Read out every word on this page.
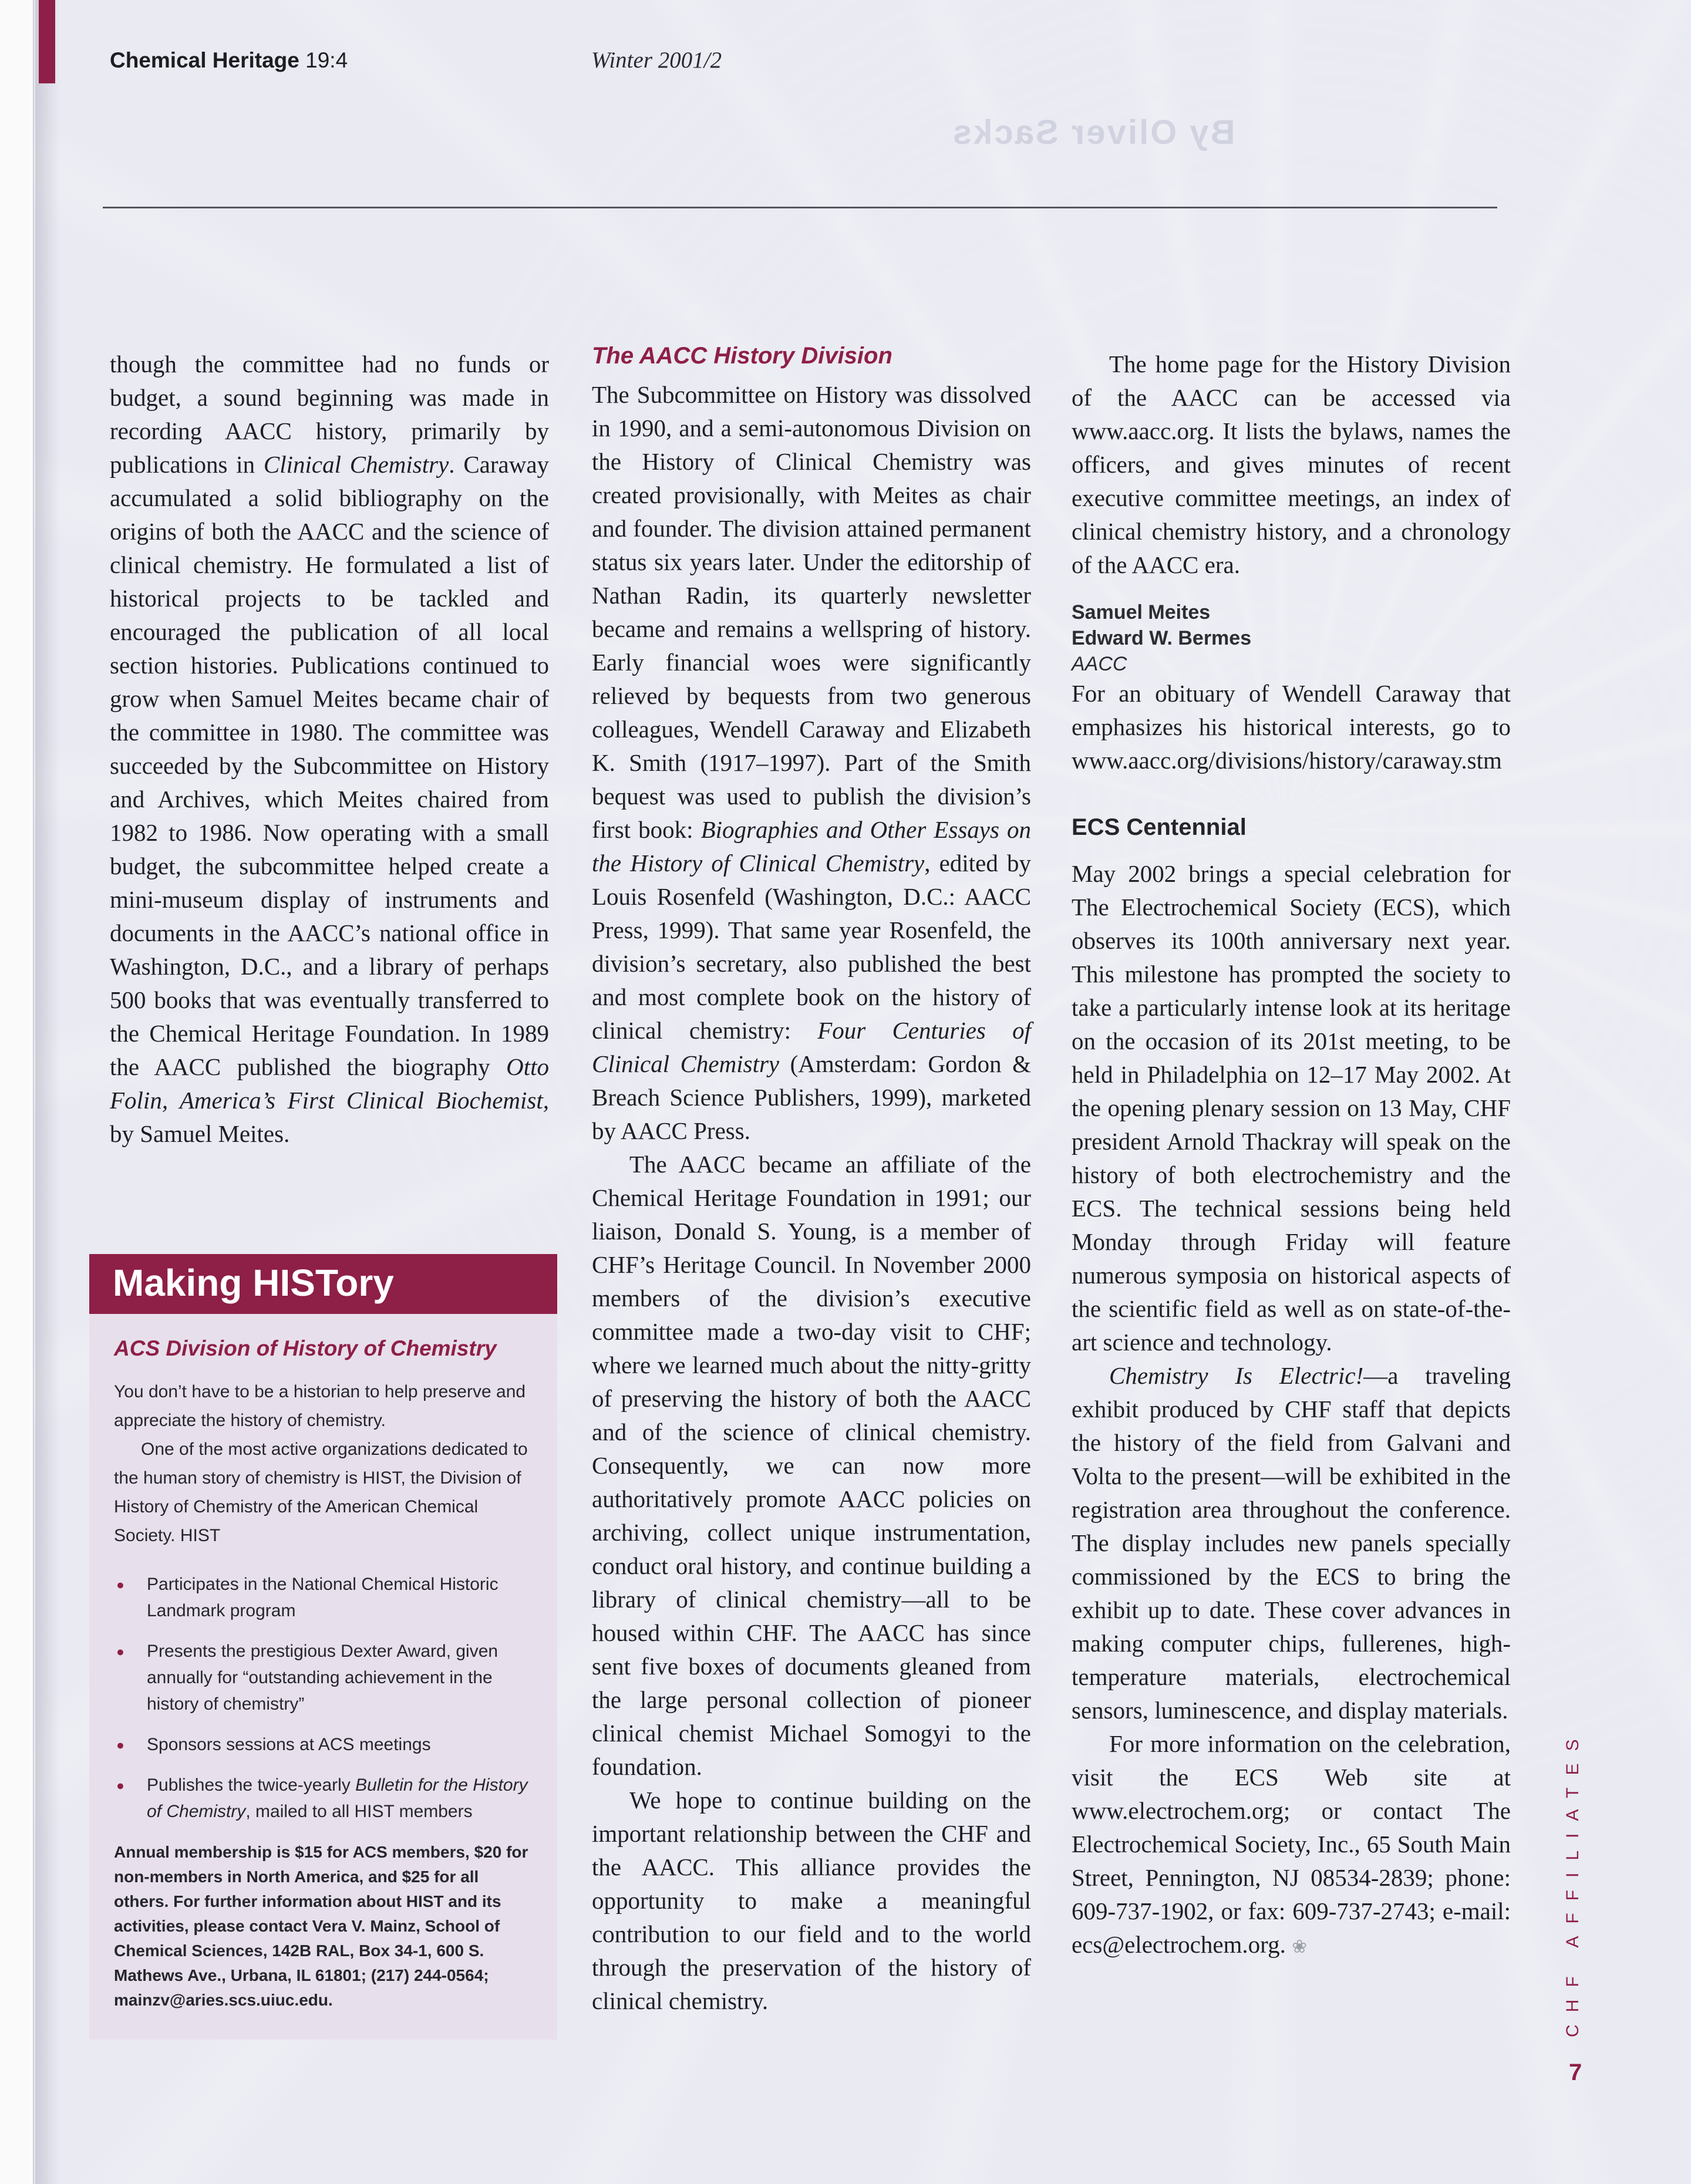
By Oliver Sacks
Chemical Heritage 19:4	Winter 2001/2

though the committee had no funds or budget, a sound beginning was made in recording AACC history, primarily by publications in Clinical Chemistry. Caraway accumulated a solid bibliography on the origins of both the AACC and the science of clinical chemistry. He formulated a list of historical projects to be tackled and encouraged the publication of all local section histories. Publications continued to grow when Samuel Meites became chair of the committee in 1980. The committee was succeeded by the Subcommittee on History and Archives, which Meites chaired from 1982 to 1986. Now operating with a small budget, the subcommittee helped create a mini-museum display of instruments and documents in the AACC’s national office in Washington, D.C., and a library of perhaps 500 books that was eventually transferred to the Chemical Heritage Foundation. In 1989 the AACC published the biography Otto Folin, America’s First Clinical Biochemist, by Samuel Meites.

Making HISTory
ACS Division of History of Chemistry

You don’t have to be a historian to help preserve and appreciate the history of chemistry.

One of the most active organizations dedicated to the human story of chemistry is HIST, the Division of History of Chemistry of the American Chemical Society. HIST

● Participates in the National Chemical Historic Landmark program
● Presents the prestigious Dexter Award, given annually for “outstanding achievement in the history of chemistry”
● Sponsors sessions at ACS meetings
● Publishes the twice-yearly Bulletin for the History of Chemistry, mailed to all HIST members
Annual membership is $15 for ACS members, $20 for non-members in North America, and $25 for all others. For further information about HIST and its activities, please contact Vera V. Mainz, School of Chemical Sciences, 142B RAL, Box 34-1, 600 S. Mathews Ave., Urbana, IL 61801; (217) 244-0564; mainzv@aries.scs.uiuc.edu.
The AACC History Division

The Subcommittee on History was dissolved in 1990, and a semi-autonomous Division on the History of Clinical Chemistry was created provisionally, with Meites as chair and founder. The division attained permanent status six years later. Under the editorship of Nathan Radin, its quarterly newsletter became and remains a wellspring of history. Early financial woes were significantly relieved by bequests from two generous colleagues, Wendell Caraway and Elizabeth K. Smith (1917–1997). Part of the Smith bequest was used to publish the division’s first book: Biographies and Other Essays on the History of Clinical Chemistry, edited by Louis Rosenfeld (Washington, D.C.: AACC Press, 1999). That same year Rosenfeld, the division’s secretary, also published the best and most complete book on the history of clinical chemistry: Four Centuries of Clinical Chemistry (Amsterdam: Gordon & Breach Science Publishers, 1999), marketed by AACC Press.

The AACC became an affiliate of the Chemical Heritage Foundation in 1991; our liaison, Donald S. Young, is a member of CHF’s Heritage Council. In November 2000 members of the division’s executive committee made a two-day visit to CHF; where we learned much about the nitty-gritty of preserving the history of both the AACC and of the science of clinical chemistry. Consequently, we can now more authoritatively promote AACC policies on archiving, collect unique instrumentation, conduct oral history, and continue building a library of clinical chemistry—all to be housed within CHF. The AACC has since sent five boxes of documents gleaned from the large personal collection of pioneer clinical chemist Michael Somogyi to the foundation.

We hope to continue building on the important relationship between the CHF and the AACC. This alliance provides the opportunity to make a meaningful contribution to our field and to the world through the preservation of the history of clinical chemistry.

The home page for the History Division of the AACC can be accessed via www.aacc.org. It lists the bylaws, names the officers, and gives minutes of recent executive committee meetings, an index of clinical chemistry history, and a chronology of the AACC era.

Samuel Meites
Edward W. Bermes
AACC

For an obituary of Wendell Caraway that emphasizes his historical interests, go to www.aacc.org/divisions/history/caraway.stm

ECS Centennial

May 2002 brings a special celebration for The Electrochemical Society (ECS), which observes its 100th anniversary next year. This milestone has prompted the society to take a particularly intense look at its heritage on the occasion of its 201st meeting, to be held in Philadelphia on 12–17 May 2002. At the opening plenary session on 13 May, CHF president Arnold Thackray will speak on the history of both electrochemistry and the ECS. The technical sessions being held Monday through Friday will feature numerous symposia on historical aspects of the scientific field as well as on state-of-the-art science and technology.

Chemistry Is Electric!—a traveling exhibit produced by CHF staff that depicts the history of the field from Galvani and Volta to the present—will be exhibited in the registration area throughout the conference. The display includes new panels specially commissioned by the ECS to bring the exhibit up to date. These cover advances in making computer chips, fullerenes, high-temperature materials, electrochemical sensors, luminescence, and display materials.

For more information on the celebration, visit the ECS Web site at www.electrochem.org; or contact The Electrochemical Society, Inc., 65 South Main Street, Pennington, NJ 08534-2839; phone: 609-737-1902, or fax: 609-737-2743; e-mail: ecs@electrochem.org. ❀	CHF AFFILIATES
7
